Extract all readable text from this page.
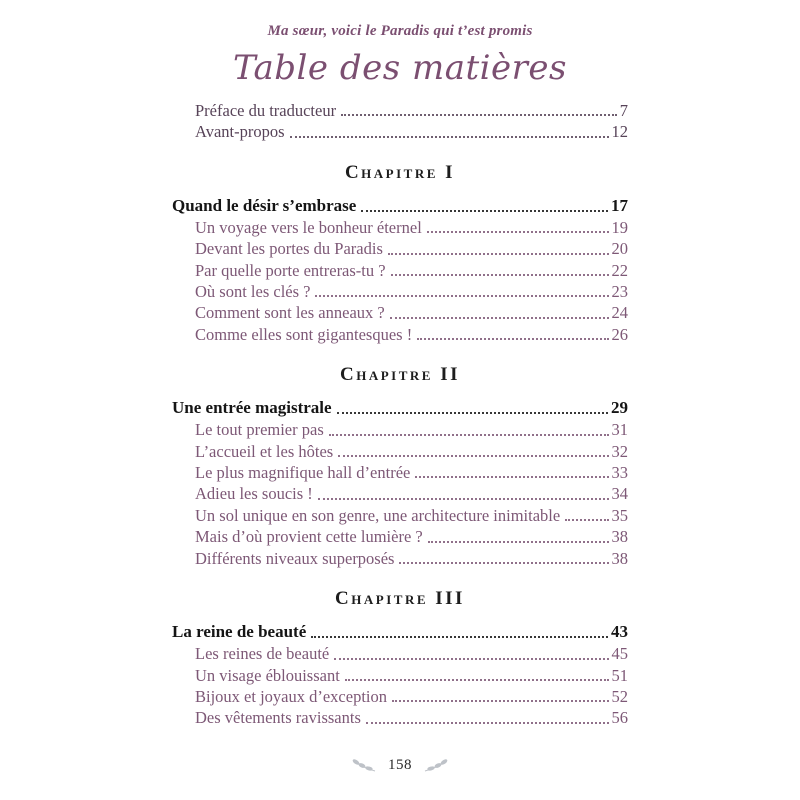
Ma sœur, voici le Paradis qui t’est promis
Table des matières
Préface du traducteur	7
Avant-propos	12
Chapitre I
Quand le désir s’embrase	17
Un voyage vers le bonheur éternel	19
Devant les portes du Paradis	20
Par quelle porte entreras-tu ?	22
Où sont les clés ?	23
Comment sont les anneaux ?	24
Comme elles sont gigantesques !	26
Chapitre II
Une entrée magistrale	29
Le tout premier pas	31
L’accueil et les hôtes	32
Le plus magnifique hall d’entrée	33
Adieu les soucis !	34
Un sol unique en son genre, une architecture inimitable	35
Mais d’où provient cette lumière ?	38
Différents niveaux superposés	38
Chapitre III
La reine de beauté	43
Les reines de beauté	45
Un visage éblouissant	51
Bijoux et joyaux d’exception	52
Des vêtements ravissants	56
158
